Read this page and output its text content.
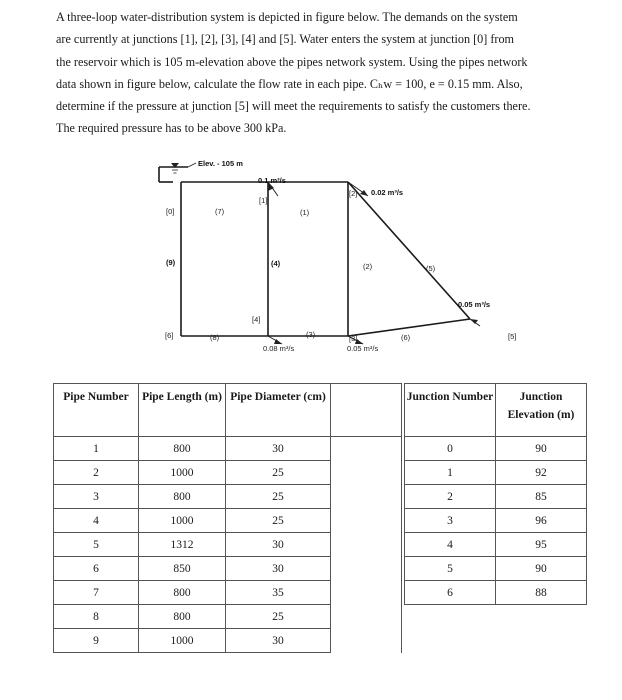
A three-loop water-distribution system is depicted in figure below. The demands on the system
are currently at junctions [1], [2], [3], [4] and [5]. Water enters the system at junction [0] from
the reservoir which is 105 m-elevation above the pipes network system. Using the pipes network
data shown in figure below, calculate the flow rate in each pipe. Cₕw = 100, e = 0.15 mm. Also,
determine if the pressure at junction [5] will meet the requirements to satisfy the customers there.
The required pressure has to be above 300 kPa.
Elev. - 105 m
[0]
[1]
[2]
[3]
[4]
[5]
[6]
(1)
(2)
(3)
(4)
(5)
(6)
(7)
(8)
(9)
0.1 m³/s
0.02 m³/s
0.05 m³/s
0.08 m³/s	0.05 m³/s
Pipe Number	Pipe Length (m)	Pipe Diameter (cm)	
1	800	30	
2	1000	25	
3	800	25	
4	1000	25	
5	1312	30	
6	850	30	
7	800	35	
8	800	25	
9	1000	30	
Junction Number	Junction Elevation (m)
0	90
1	92
2	85
3	96
4	95
5	90
6	88
